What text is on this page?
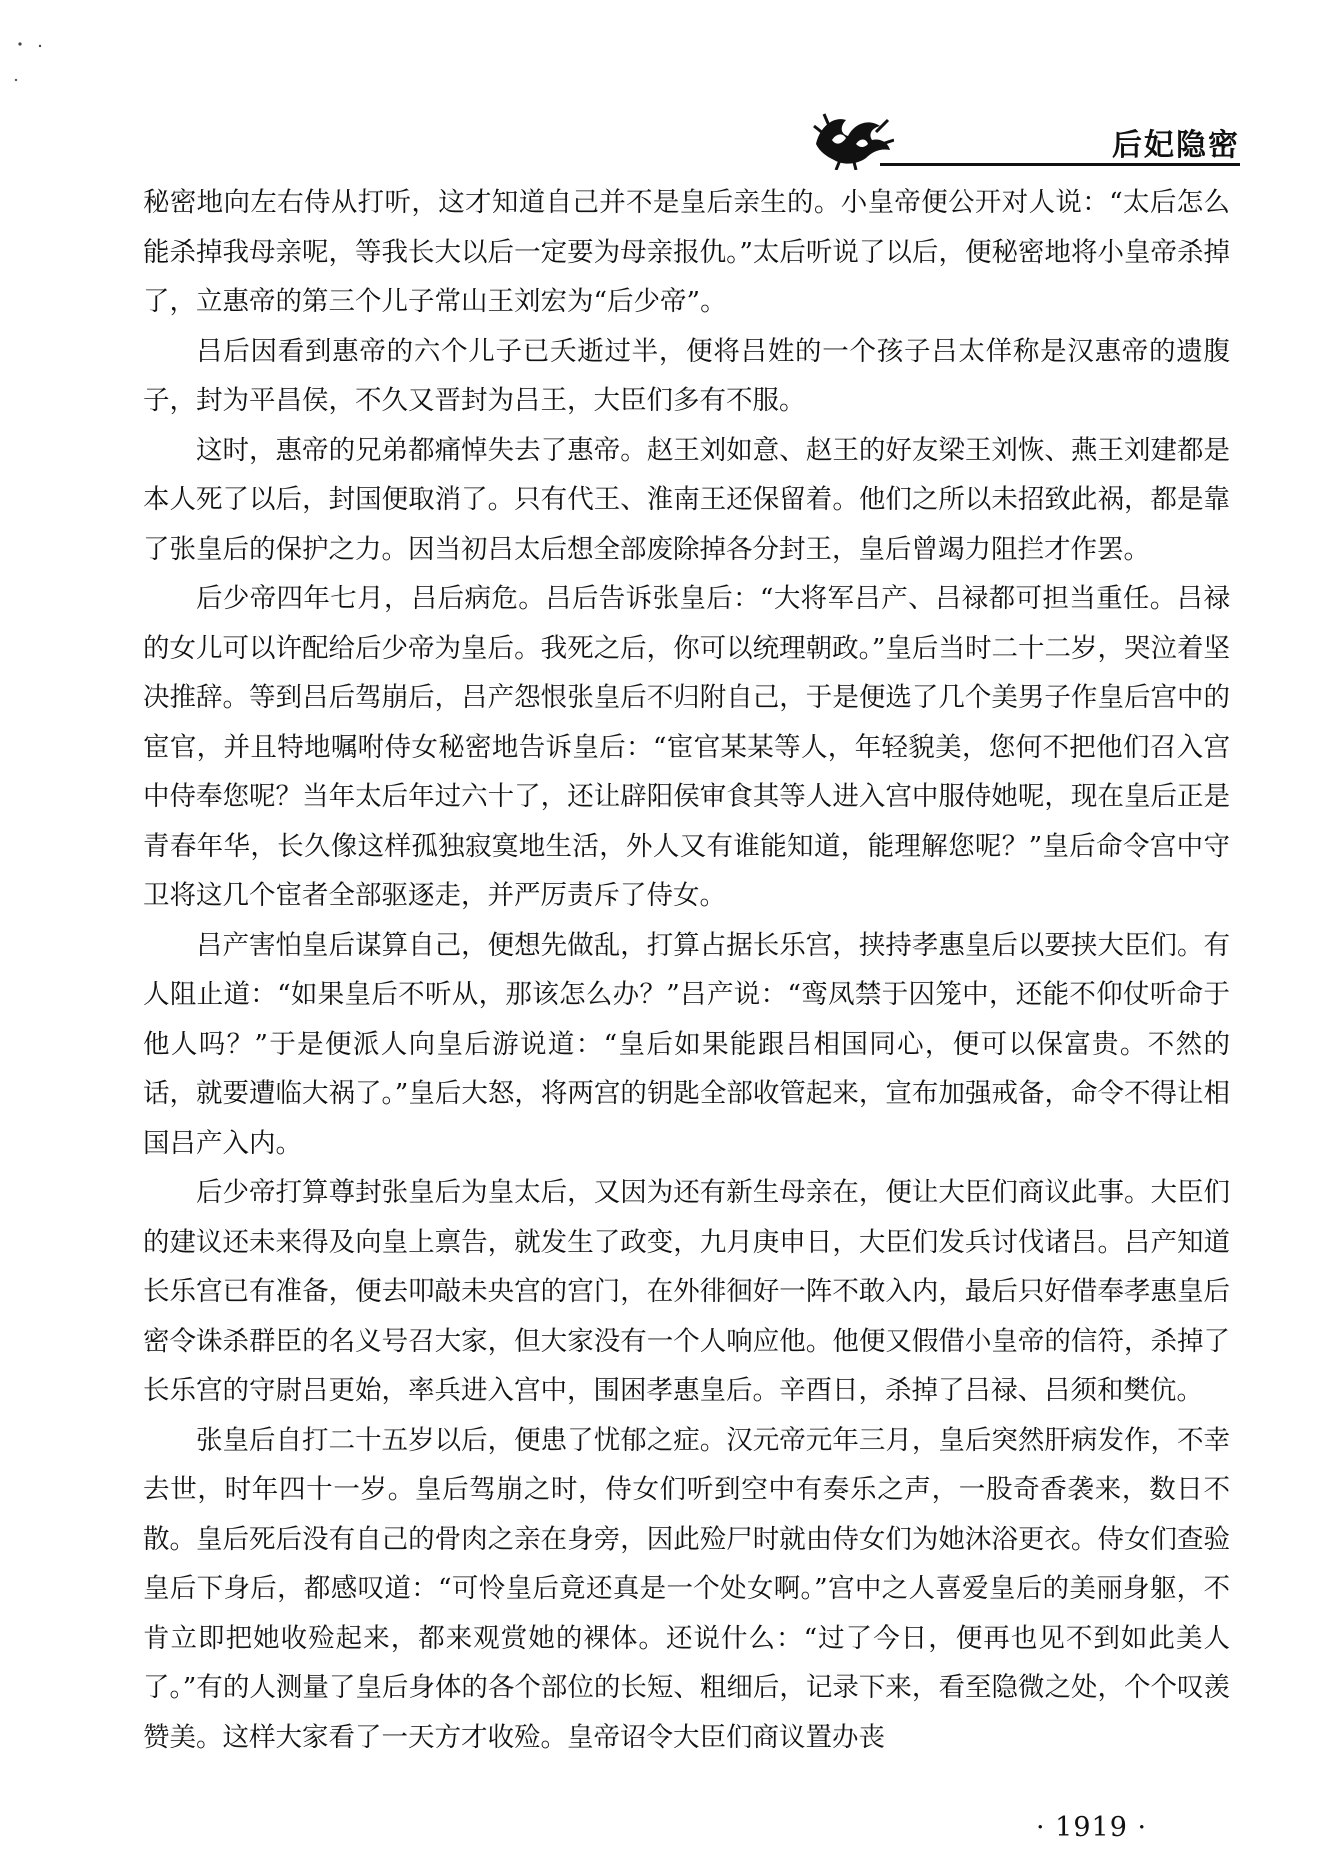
后妃隐密

秘密地向左右侍从打听，这才知道自己并不是皇后亲生的。小皇帝便公开对人说：“太后怎么能杀掉我母亲呢，等我长大以后一定要为母亲报仇。”太后听说了以后，便秘密地将小皇帝杀掉了，立惠帝的第三个儿子常山王刘宏为“后少帝”。

吕后因看到惠帝的六个儿子已夭逝过半，便将吕姓的一个孩子吕太佯称是汉惠帝的遗腹子，封为平昌侯，不久又晋封为吕王，大臣们多有不服。

这时，惠帝的兄弟都痛悼失去了惠帝。赵王刘如意、赵王的好友梁王刘恢、燕王刘建都是本人死了以后，封国便取消了。只有代王、淮南王还保留着。他们之所以未招致此祸，都是靠了张皇后的保护之力。因当初吕太后想全部废除掉各分封王，皇后曾竭力阻拦才作罢。

后少帝四年七月，吕后病危。吕后告诉张皇后：“大将军吕产、吕禄都可担当重任。吕禄的女儿可以许配给后少帝为皇后。我死之后，你可以统理朝政。”皇后当时二十二岁，哭泣着坚决推辞。等到吕后驾崩后，吕产怨恨张皇后不归附自己，于是便选了几个美男子作皇后宫中的宦官，并且特地嘱咐侍女秘密地告诉皇后：“宦官某某等人，年轻貌美，您何不把他们召入宫中侍奉您呢？当年太后年过六十了，还让辟阳侯审食其等人进入宫中服侍她呢，现在皇后正是青春年华，长久像这样孤独寂寞地生活，外人又有谁能知道，能理解您呢？”皇后命令宫中守卫将这几个宦者全部驱逐走，并严厉责斥了侍女。

吕产害怕皇后谋算自己，便想先做乱，打算占据长乐宫，挟持孝惠皇后以要挟大臣们。有人阻止道：“如果皇后不听从，那该怎么办？”吕产说：“鸾凤禁于囚笼中，还能不仰仗听命于他人吗？”于是便派人向皇后游说道：“皇后如果能跟吕相国同心，便可以保富贵。不然的话，就要遭临大祸了。”皇后大怒，将两宫的钥匙全部收管起来，宣布加强戒备，命令不得让相国吕产入内。

后少帝打算尊封张皇后为皇太后，又因为还有新生母亲在，便让大臣们商议此事。大臣们的建议还未来得及向皇上禀告，就发生了政变，九月庚申日，大臣们发兵讨伐诸吕。吕产知道长乐宫已有准备，便去叩敲未央宫的宫门，在外徘徊好一阵不敢入内，最后只好借奉孝惠皇后密令诛杀群臣的名义号召大家，但大家没有一个人响应他。他便又假借小皇帝的信符，杀掉了长乐宫的守尉吕更始，率兵进入宫中，围困孝惠皇后。辛酉日，杀掉了吕禄、吕须和樊伉。

张皇后自打二十五岁以后，便患了忧郁之症。汉元帝元年三月，皇后突然肝病发作，不幸去世，时年四十一岁。皇后驾崩之时，侍女们听到空中有奏乐之声，一股奇香袭来，数日不散。皇后死后没有自己的骨肉之亲在身旁，因此殓尸时就由侍女们为她沐浴更衣。侍女们查验皇后下身后，都感叹道：“可怜皇后竟还真是一个处女啊。”宫中之人喜爱皇后的美丽身躯，不肯立即把她收殓起来，都来观赏她的裸体。还说什么：“过了今日，便再也见不到如此美人了。”有的人测量了皇后身体的各个部位的长短、粗细后，记录下来，看至隐微之处，个个叹羡赞美。这样大家看了一天方才收殓。皇帝诏令大臣们商议置办丧

· 1919 ·
